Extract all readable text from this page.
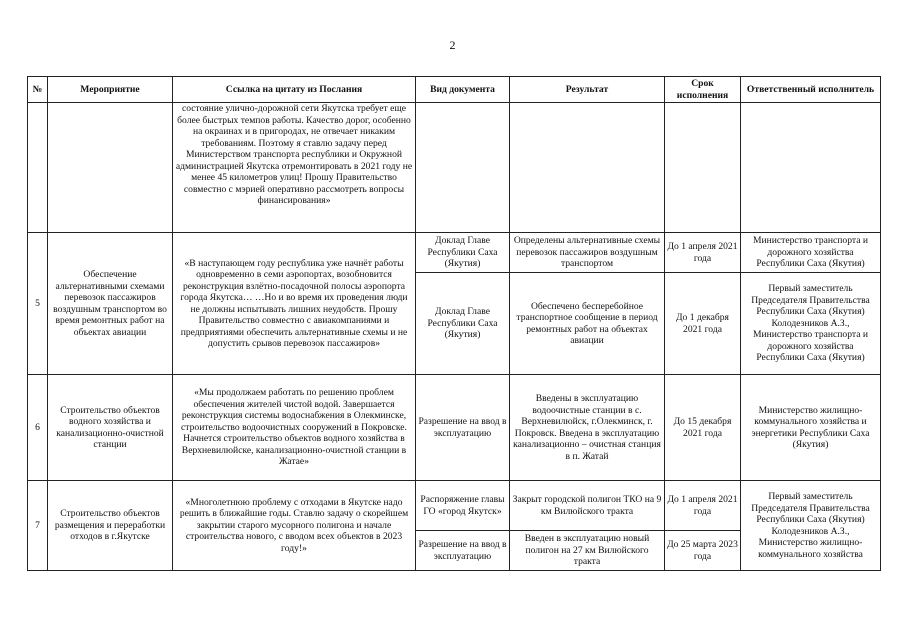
2
№	Мероприятие	Ссылка на цитату из Послания	Вид документа	Результат	Срок исполнения	Ответственный исполнитель
		состояние улично-дорожной сети Якутска требует еще более быстрых темпов работы. Качество дорог, особенно на окраинах и в пригородах, не отвечает никаким требованиям. Поэтому я ставлю задачу перед Министерством транспорта республики и Окружной администрацией Якутска отремонтировать в 2021 году не менее 45 километров улиц! Прошу Правительство совместно с мэрией оперативно рассмотреть вопросы финансирования»				
5	Обеспечение альтернативными схемами перевозок пассажиров воздушным транспортом во время ремонтных работ на объектах авиации	«В наступающем году республика уже начнёт работы одновременно в семи аэропортах, возобновится реконструкция взлётно-посадочной полосы аэропорта города Якутска… …Но и во время их проведения люди не должны испытывать лишних неудобств. Прошу Правительство совместно с авиакомпаниями и предприятиями обеспечить альтернативные схемы и не допустить срывов перевозок пассажиров»	Доклад Главе Республики Саха (Якутия)	Определены альтернативные схемы перевозок пассажиров воздушным транспортом	До 1 апреля 2021 года	Министерство транспорта и дорожного хозяйства Республики Саха (Якутия)
			Доклад Главе Республики Саха (Якутия)	Обеспечено бесперебойное транспортное сообщение в период ремонтных работ на объектах авиации	До 1 декабря 2021 года	Первый заместитель Председателя Правительства Республики Саха (Якутия) Колодезников А.З., Министерство транспорта и дорожного хозяйства Республики Саха (Якутия)
6	Строительство объектов водного хозяйства и канализационно-очистной станции	«Мы продолжаем работать по решению проблем обеспечения жителей чистой водой. Завершается реконструкция системы водоснабжения в Олекминске, строительство водоочистных сооружений в Покровске. Начнется строительство объектов водного хозяйства в Верхневилюйске, канализационно-очистной станции в Жатае»	Разрешение на ввод в эксплуатацию	Введены в эксплуатацию водоочистные станции в с. Верхневилюйск, г.Олекминск, г. Покровск. Введена в эксплуатацию канализационно – очистная станция в п. Жатай	До 15 декабря 2021 года	Министерство жилищно-коммунального хозяйства и энергетики Республики Саха (Якутия)
7	Строительство объектов размещения и переработки отходов в г.Якутске	«Многолетнюю проблему с отходами в Якутске надо решить в ближайшие годы. Ставлю задачу о скорейшем закрытии старого мусорного полигона и начале строительства нового, с вводом всех объектов в 2023 году!»	Распоряжение главы ГО «город Якутск»	Закрыт городской полигон ТКО на 9 км Вилюйского тракта	До 1 апреля 2021 года	Первый заместитель Председателя Правительства Республики Саха (Якутия) Колодезников А.З., Министерство жилищно-коммунального хозяйства
			Разрешение на ввод в эксплуатацию	Введен в эксплуатацию новый полигон на 27 км Вилюйского тракта	До 25 марта 2023 года	
